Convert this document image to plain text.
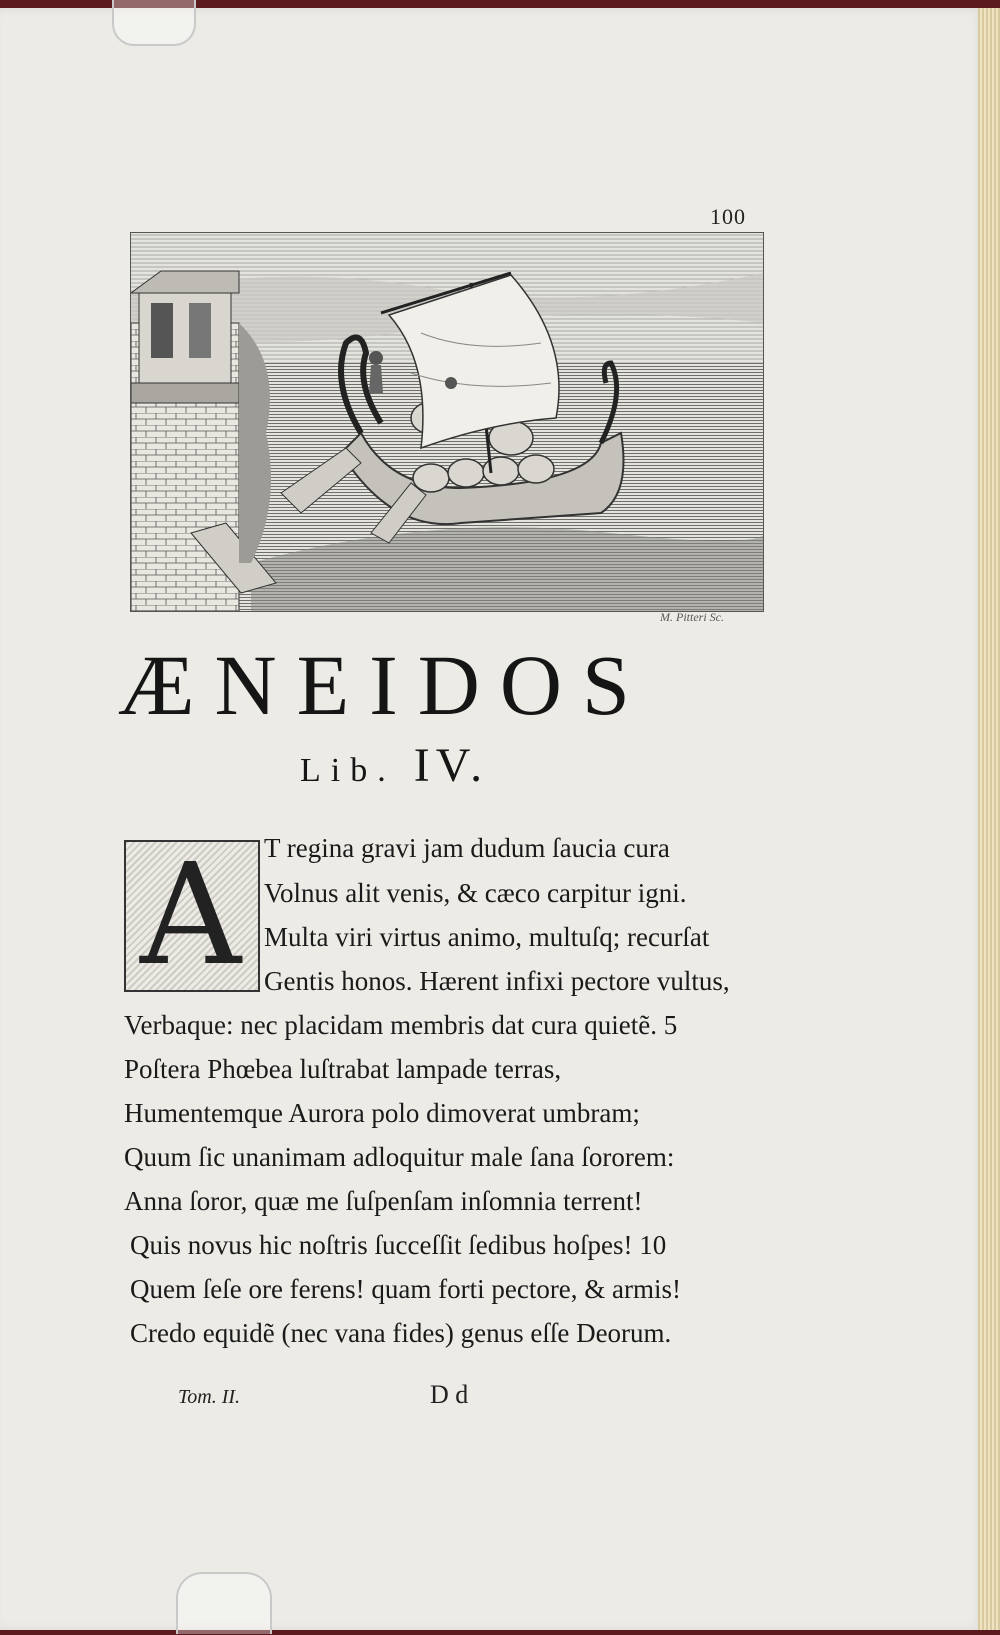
100
M. Pitteri Sc.
ÆNEIDOS
Lib. IV.
A T regina gravi jam dudum ſaucia cura
Volnus alit venis, & cæco carpitur igni.
Multa viri virtus animo, multuſq; recurſat
Gentis honos. Hærent infixi pectore vultus,
Verbaque: nec placidam membris dat cura quietẽ. 5
Poſtera Phœbea luſtrabat lampade terras,
Humentemque Aurora polo dimoverat umbram;
Quum ſic unanimam adloquitur male ſana ſororem:
Anna ſoror, quæ me ſuſpenſam inſomnia terrent!
Quis novus hic noſtris ſucceſſit ſedibus hoſpes! 10
Quem ſeſe ore ferens! quam forti pectore, & armis!
Credo equidẽ (nec vana fides) genus eſſe Deorum.
Tom. II.	D d
